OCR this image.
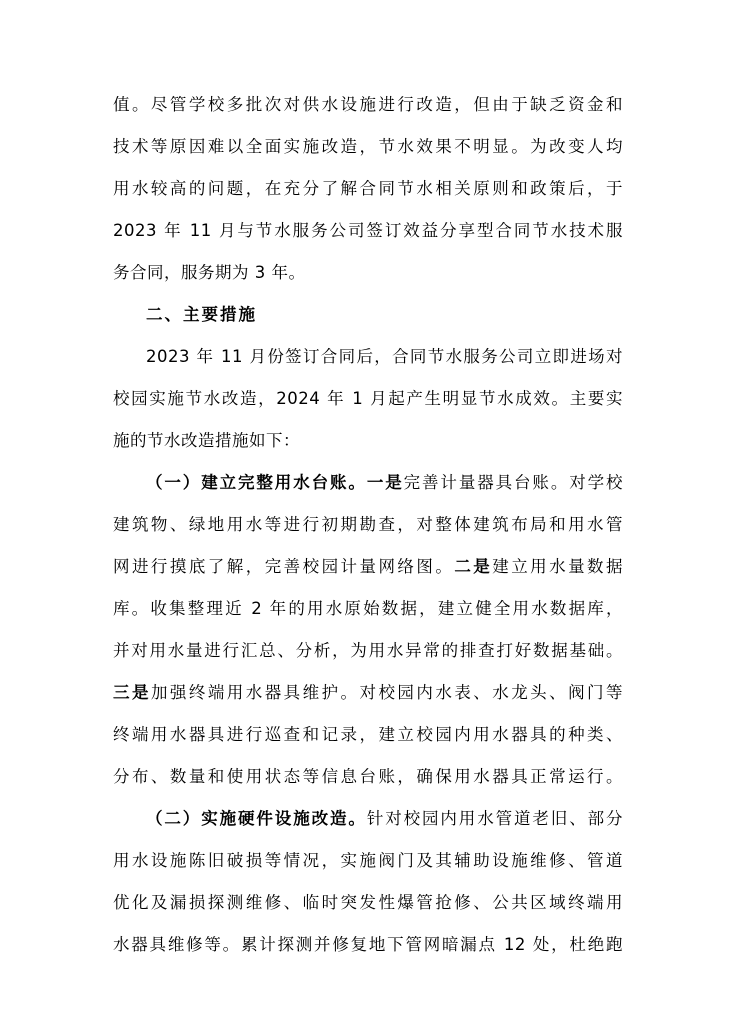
值。尽管学校多批次对供水设施进行改造，但由于缺乏资金和
技术等原因难以全面实施改造，节水效果不明显。为改变人均
用水较高的问题，在充分了解合同节水相关原则和政策后，于
2023 年 11 月与节水服务公司签订效益分享型合同节水技术服
务合同，服务期为 3 年。
二、主要措施
2023 年 11 月份签订合同后，合同节水服务公司立即进场对
校园实施节水改造，2024 年 1 月起产生明显节水成效。主要实
施的节水改造措施如下：
（一）建立完整用水台账。一是完善计量器具台账。对学校
建筑物、绿地用水等进行初期勘查，对整体建筑布局和用水管
网进行摸底了解，完善校园计量网络图。二是建立用水量数据
库。收集整理近 2 年的用水原始数据，建立健全用水数据库，
并对用水量进行汇总、分析，为用水异常的排查打好数据基础。
三是加强终端用水器具维护。对校园内水表、水龙头、阀门等
终端用水器具进行巡查和记录，建立校园内用水器具的种类、
分布、数量和使用状态等信息台账，确保用水器具正常运行。
（二）实施硬件设施改造。针对校园内用水管道老旧、部分
用水设施陈旧破损等情况，实施阀门及其辅助设施维修、管道
优化及漏损探测维修、临时突发性爆管抢修、公共区域终端用
水器具维修等。累计探测并修复地下管网暗漏点 12 处，杜绝跑
